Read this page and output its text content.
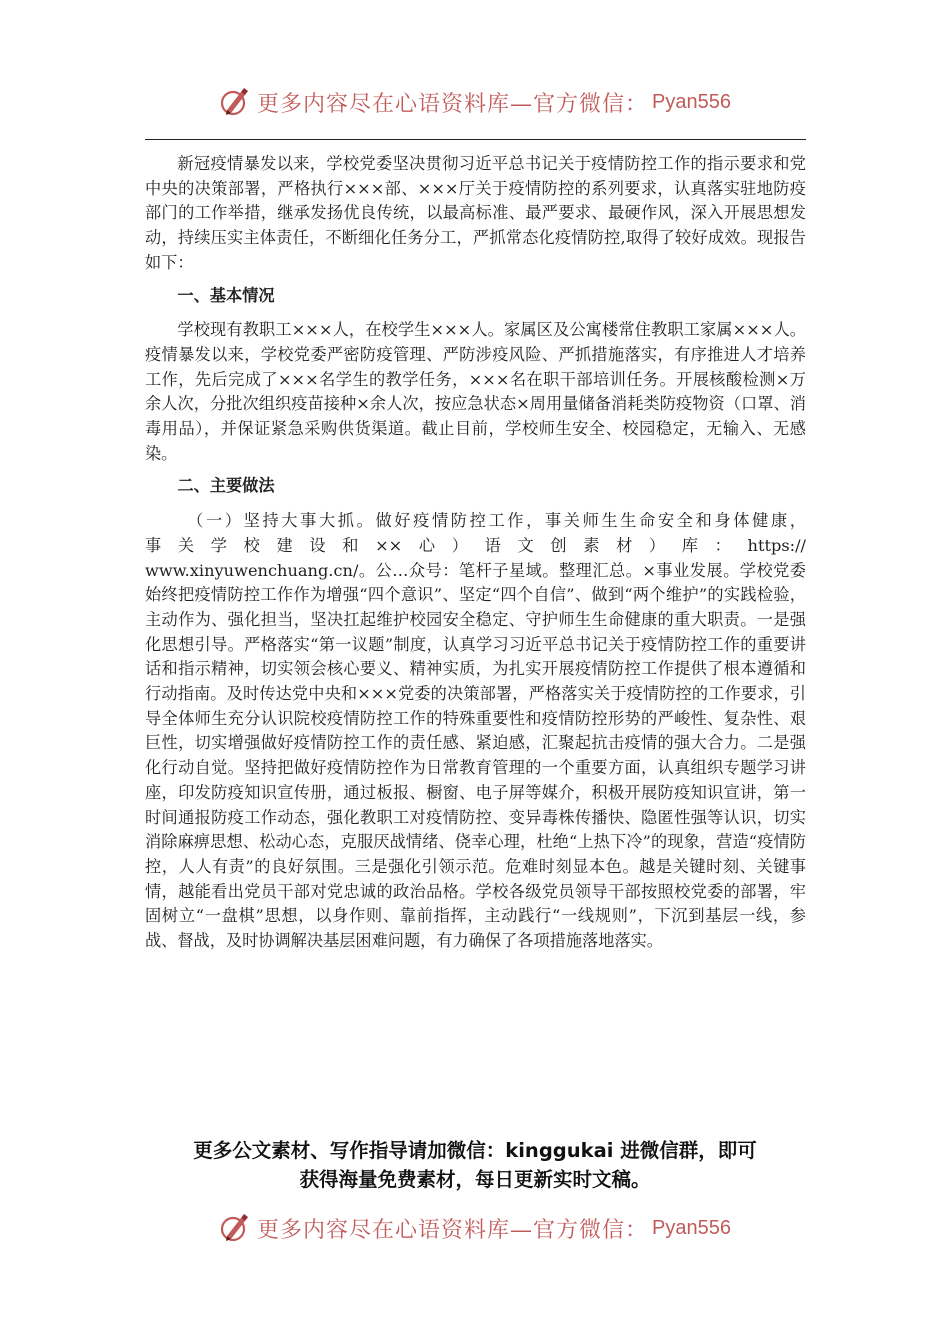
更多内容尽在心语资料库—官方微信： Pyan556

新冠疫情暴发以来，学校党委坚决贯彻习近平总书记关于疫情防控工作的指示要求和党中央的决策部署，严格执行×××部、×××厅关于疫情防控的系列要求，认真落实驻地防疫部门的工作举措，继承发扬优良传统，以最高标准、最严要求、最硬作风，深入开展思想发动，持续压实主体责任，不断细化任务分工，严抓常态化疫情防控,取得了较好成效。现报告如下：

一、基本情况

学校现有教职工×××人，在校学生×××人。家属区及公寓楼常住教职工家属×××人。疫情暴发以来，学校党委严密防疫管理、严防涉疫风险、严抓措施落实，有序推进人才培养工作，先后完成了×××名学生的教学任务，×××名在职干部培训任务。开展核酸检测×万余人次，分批次组织疫苗接种×余人次，按应急状态×周用量储备消耗类防疫物资（口罩、消毒用品），并保证紧急采购供货渠道。截止目前，学校师生安全、校园稳定，无输入、无感染。

二、主要做法

（一）坚持大事大抓。做好疫情防控工作，事关师生生命安全和身体健康，

事关学校建设和××心）语文创素材）库：https://

www.xinyuwenchuang.cn/。公…众号：笔杆子星域。整理汇总。×事业发展。学校党委始终把疫情防控工作作为增强“四个意识”、坚定“四个自信”、做到“两个维护”的实践检验，主动作为、强化担当，坚决扛起维护校园安全稳定、守护师生生命健康的重大职责。一是强化思想引导。严格落实“第一议题”制度，认真学习习近平总书记关于疫情防控工作的重要讲话和指示精神，切实领会核心要义、精神实质，为扎实开展疫情防控工作提供了根本遵循和行动指南。及时传达党中央和×××党委的决策部署，严格落实关于疫情防控的工作要求，引导全体师生充分认识院校疫情防控工作的特殊重要性和疫情防控形势的严峻性、复杂性、艰巨性，切实增强做好疫情防控工作的责任感、紧迫感，汇聚起抗击疫情的强大合力。二是强化行动自觉。坚持把做好疫情防控作为日常教育管理的一个重要方面，认真组织专题学习讲座，印发防疫知识宣传册，通过板报、橱窗、电子屏等媒介，积极开展防疫知识宣讲，第一时间通报防疫工作动态，强化教职工对疫情防控、变异毒株传播快、隐匿性强等认识，切实消除麻痹思想、松动心态，克服厌战情绪、侥幸心理，杜绝“上热下冷”的现象，营造“疫情防控，人人有责”的良好氛围。三是强化引领示范。危难时刻显本色。越是关键时刻、关键事情，越能看出党员干部对党忠诚的政治品格。学校各级党员领导干部按照校党委的部署，牢固树立“一盘棋”思想，以身作则、靠前指挥，主动践行“一线规则”，下沉到基层一线，参战、督战，及时协调解决基层困难问题，有力确保了各项措施落地落实。

更多公文素材、写作指导请加微信：kinggukai 进微信群，即可
获得海量免费素材，每日更新实时文稿。
更多内容尽在心语资料库—官方微信： Pyan556
